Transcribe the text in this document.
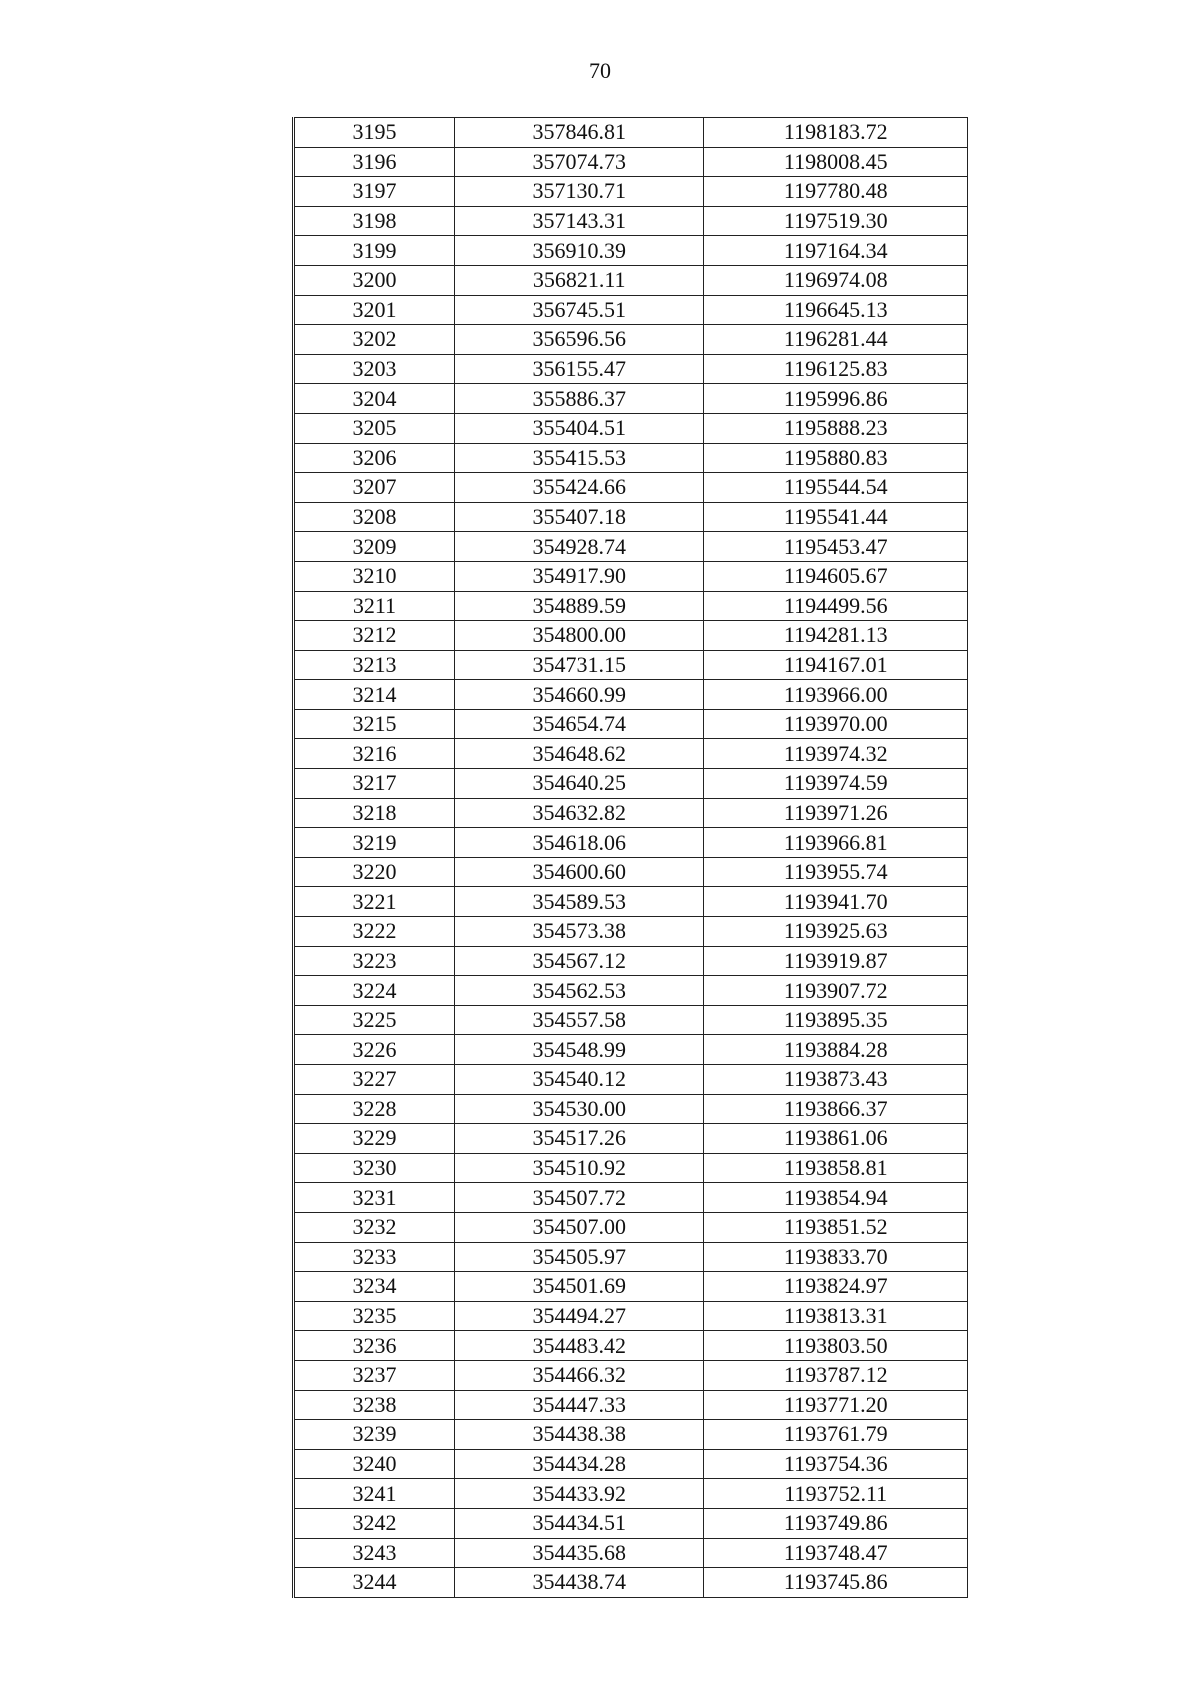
70
3195	357846.81	1198183.72
3196	357074.73	1198008.45
3197	357130.71	1197780.48
3198	357143.31	1197519.30
3199	356910.39	1197164.34
3200	356821.11	1196974.08
3201	356745.51	1196645.13
3202	356596.56	1196281.44
3203	356155.47	1196125.83
3204	355886.37	1195996.86
3205	355404.51	1195888.23
3206	355415.53	1195880.83
3207	355424.66	1195544.54
3208	355407.18	1195541.44
3209	354928.74	1195453.47
3210	354917.90	1194605.67
3211	354889.59	1194499.56
3212	354800.00	1194281.13
3213	354731.15	1194167.01
3214	354660.99	1193966.00
3215	354654.74	1193970.00
3216	354648.62	1193974.32
3217	354640.25	1193974.59
3218	354632.82	1193971.26
3219	354618.06	1193966.81
3220	354600.60	1193955.74
3221	354589.53	1193941.70
3222	354573.38	1193925.63
3223	354567.12	1193919.87
3224	354562.53	1193907.72
3225	354557.58	1193895.35
3226	354548.99	1193884.28
3227	354540.12	1193873.43
3228	354530.00	1193866.37
3229	354517.26	1193861.06
3230	354510.92	1193858.81
3231	354507.72	1193854.94
3232	354507.00	1193851.52
3233	354505.97	1193833.70
3234	354501.69	1193824.97
3235	354494.27	1193813.31
3236	354483.42	1193803.50
3237	354466.32	1193787.12
3238	354447.33	1193771.20
3239	354438.38	1193761.79
3240	354434.28	1193754.36
3241	354433.92	1193752.11
3242	354434.51	1193749.86
3243	354435.68	1193748.47
3244	354438.74	1193745.86
